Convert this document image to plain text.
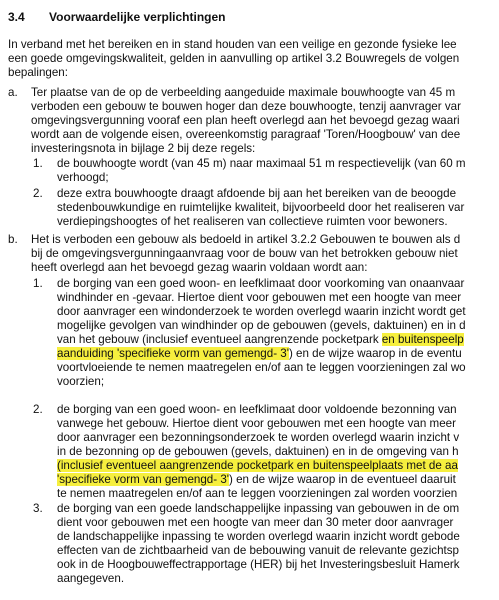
3.4 Voorwaardelijke verplichtingen
In verband met het bereiken en in stand houden van een veilige en gezonde fysieke lee
een goede omgevingskwaliteit, gelden in aanvulling op artikel 3.2 Bouwregels de volgen
bepalingen:
a. Ter plaatse van de op de verbeelding aangeduide maximale bouwhoogte van 45 m
verboden een gebouw te bouwen hoger dan deze bouwhoogte, tenzij aanvrager var
omgevingsvergunning vooraf een plan heeft overlegd aan het bevoegd gezag waari
wordt aan de volgende eisen, overeenkomstig paragraaf 'Toren/Hoogbouw' van dee
investeringsnota in bijlage 2 bij deze regels:
1. de bouwhoogte wordt (van 45 m) naar maximaal 51 m respectievelijk (van 60 m
verhoogd;
2. deze extra bouwhoogte draagt afdoende bij aan het bereiken van de beoogde
stedenbouwkundige en ruimtelijke kwaliteit, bijvoorbeeld door het realiseren var
verdiepingshoogtes of het realiseren van collectieve ruimten voor bewoners.
b. Het is verboden een gebouw als bedoeld in artikel 3.2.2 Gebouwen te bouwen als d
bij de omgevingsvergunningaanvraag voor de bouw van het betrokken gebouw niet
heeft overlegd aan het bevoegd gezag waarin voldaan wordt aan:
1. de borging van een goed woon- en leefklimaat door voorkoming van onaanvaar
windhinder en -gevaar. Hiertoe dient voor gebouwen met een hoogte van meer
door aanvrager een windonderzoek te worden overlegd waarin inzicht wordt get
mogelijke gevolgen van windhinder op de gebouwen (gevels, daktuinen) en in d
van het gebouw (inclusief eventueel aangrenzende pocketpark en buitenspeelp
aanduiding 'specifieke vorm van gemengd- 3') en de wijze waarop in de eventu
voortvloeiende te nemen maatregelen en/of aan te leggen voorzieningen zal wo
voorzien;
2. de borging van een goed woon- en leefklimaat door voldoende bezonning van
vanwege het gebouw. Hiertoe dient voor gebouwen met een hoogte van meer
door aanvrager een bezonningsonderzoek te worden overlegd waarin inzicht v
in de bezonning op de gebouwen (gevels, daktuinen) en in de omgeving van h
(inclusief eventueel aangrenzende pocketpark en buitenspeelplaats met de aa
'specifieke vorm van gemengd- 3') en de wijze waarop in de eventueel daaruit
te nemen maatregelen en/of aan te leggen voorzieningen zal worden voorzien
3. de borging van een goede landschappelijke inpassing van gebouwen in de om
dient voor gebouwen met een hoogte van meer dan 30 meter door aanvrager
de landschappelijke inpassing te worden overlegd waarin inzicht wordt gebode
effecten van de zichtbaarheid van de bebouwing vanuit de relevante gezichtsp
ook in de Hoogbouweffectrapportage (HER) bij het Investeringsbesluit Hamerk
aangegeven.
